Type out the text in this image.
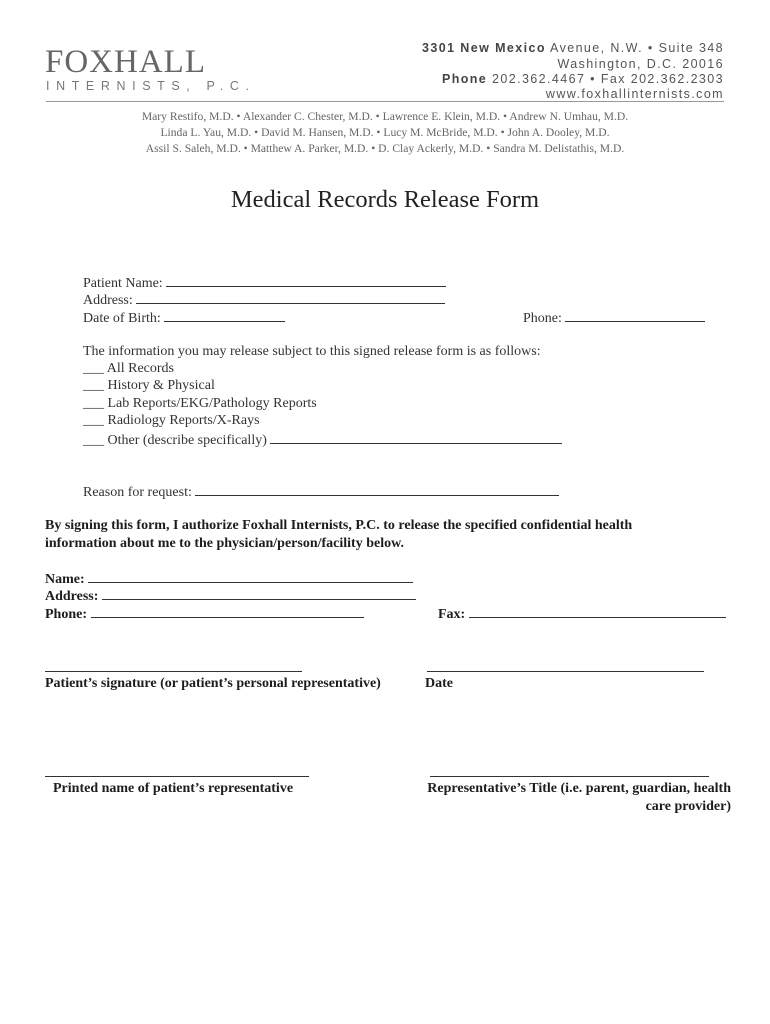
FOXHALL
INTERNISTS, P.C.
3301 New Mexico Avenue, N.W. • Suite 348
Washington, D.C. 20016
Phone 202.362.4467 • Fax 202.362.2303
www.foxhallinternists.com
Mary Restifo, M.D. • Alexander C. Chester, M.D. • Lawrence E. Klein, M.D. • Andrew N. Umhau, M.D.
Linda L. Yau, M.D. • David M. Hansen, M.D. • Lucy M. McBride, M.D. • John A. Dooley, M.D.
Assil S. Saleh, M.D. • Matthew A. Parker, M.D. • D. Clay Ackerly, M.D. • Sandra M. Delistathis, M.D.
Medical Records Release Form
Patient Name:
Address:
Date of Birth:	Phone:
The information you may release subject to this signed release form is as follows:
___ All Records
___ History & Physical
___ Lab Reports/EKG/Pathology Reports
___ Radiology Reports/X-Rays
___ Other (describe specifically)
Reason for request:
By signing this form, I authorize Foxhall Internists, P.C. to release the specified confidential health
information about me to the physician/person/facility below.
Name:
Address:
Phone:	Fax:
Patient’s signature (or patient’s personal representative)	Date
Printed name of patient’s representative	Representative’s Title (i.e. parent, guardian, health
care provider)
